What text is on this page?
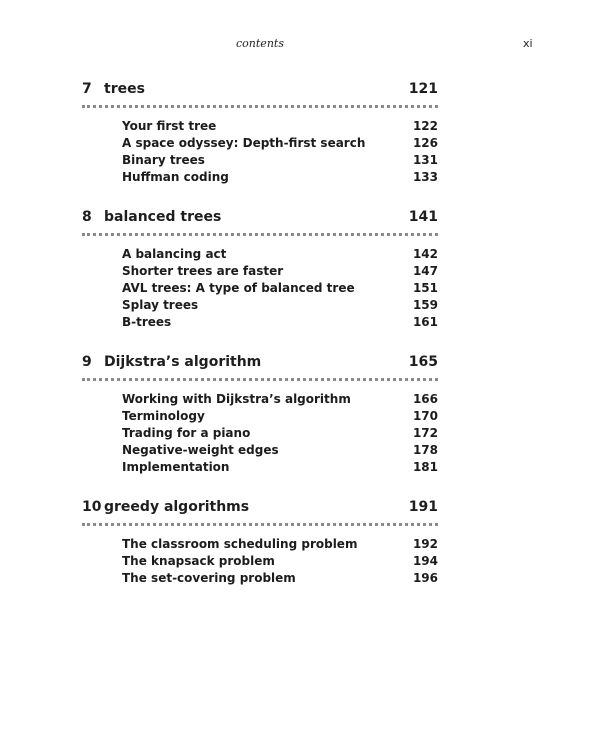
contents	xi
7 trees	121
Your first tree	122
A space odyssey: Depth-first search	126
Binary trees	131
Huffman coding	133
8 balanced trees	141
A balancing act	142
Shorter trees are faster	147
AVL trees: A type of balanced tree	151
Splay trees	159
B-trees	161
9 Dijkstra’s algorithm	165
Working with Dijkstra’s algorithm	166
Terminology	170
Trading for a piano	172
Negative-weight edges	178
Implementation	181
10 greedy algorithms	191
The classroom scheduling problem	192
The knapsack problem	194
The set-covering problem	196
